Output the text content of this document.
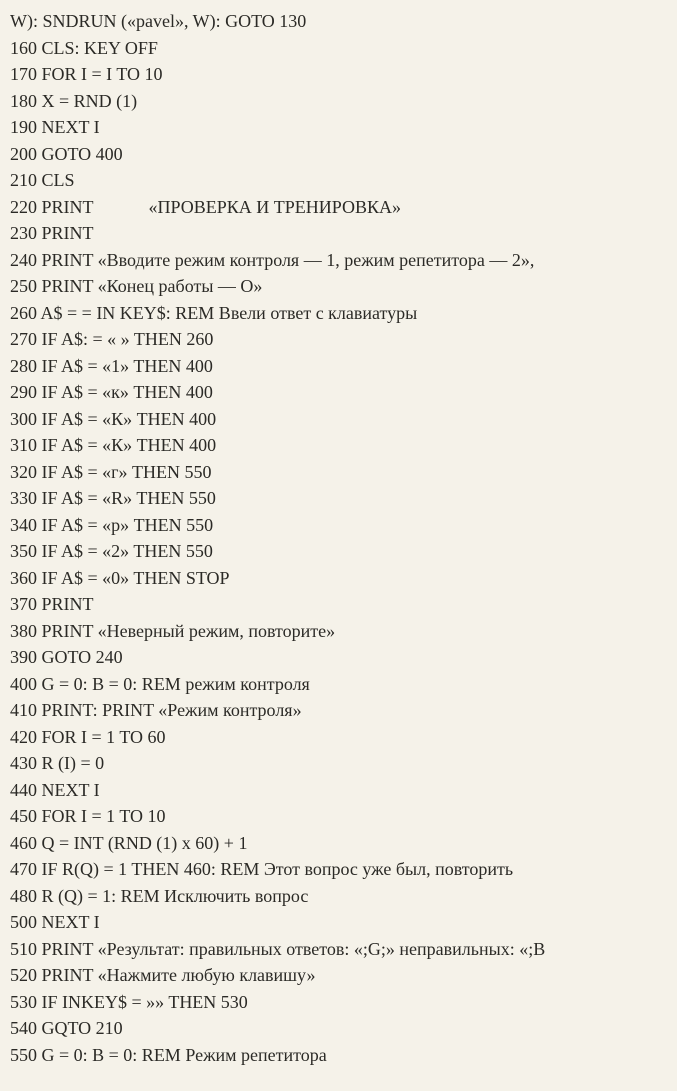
W): SNDRUN («pavel», W): GOTO 130
160 CLS: KEY OFF
170 FOR I = I TO 10
180 X = RND (1)
190 NEXT I
200 GOTO 400
210 CLS
220 PRINT	«ПРОВЕРКА И ТРЕНИРОВКА»
230 PRINT
240 PRINT «Вводите режим контроля — 1, режим репетитора — 2»,
250 PRINT «Конец работы — O»
260 A$ = = IN KEY$: REM Ввели ответ с клавиатуры
270 IF A$: = « » THEN 260
280 IF A$ = «1» THEN 400
290 IF A$ = «к» THEN 400
300 IF A$ = «К» THEN 400
310 IF A$ = «К» THEN 400
320 IF A$ = «г» THEN 550
330 IF A$ = «R» THEN 550
340 IF A$ = «р» THEN 550
350 IF A$ = «2» THEN 550
360 IF A$ = «0» THEN STOP
370 PRINT
380 PRINT «Неверный режим, повторите»
390 GOTO 240
400 G = 0: B = 0: REM режим контроля
410 PRINT: PRINT «Режим контроля»
420 FOR I = 1 TO 60
430 R (I) = 0
440 NEXT I
450 FOR I = 1 TO 10
460 Q = INT (RND (1) x 60) + 1
470 IF R(Q) = 1 THEN 460: REM Этот вопрос уже был, повторить
480 R (Q) = 1: REM Исключить вопрос
500 NEXT I
510 PRINT «Результат: правильных ответов: «;G;» неправильных: «;B
520 PRINT «Нажмите любую клавишу»
530 IF INKEY$ = »» THEN 530
540 GQTO 210
550 G = 0: B = 0: REM Режим репетитора
